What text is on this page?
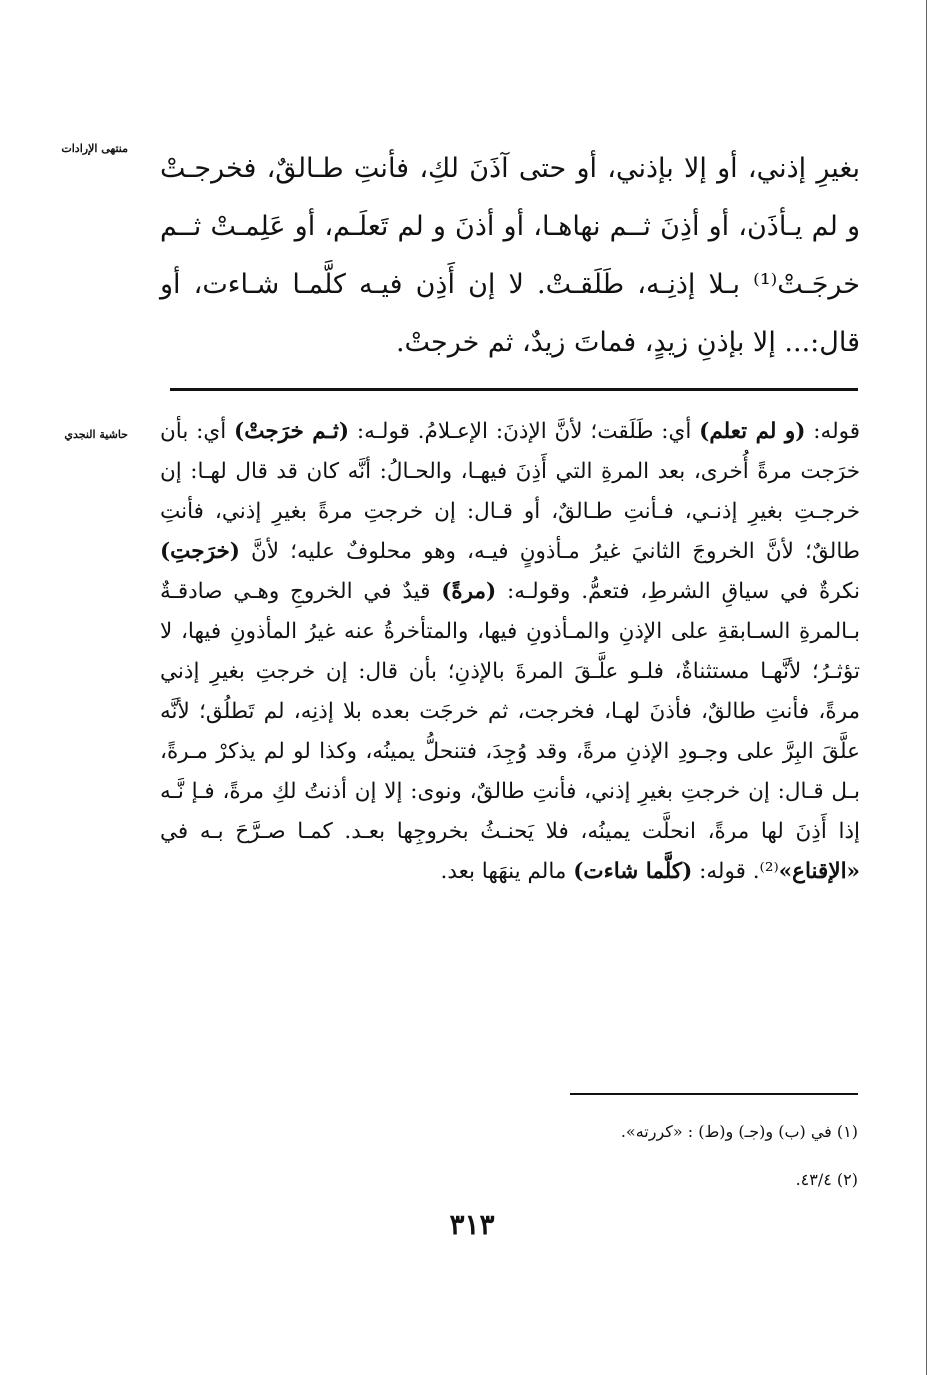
منتهى الإرادات

بغيرِ إذني، أو إلا بإذني، أو حتى آذَنَ لكِ، فأنتِ طـالقٌ، فخرجـتْ و لم يـأذَن، أو أذِنَ ثــم نهاهـا، أو أذنَ و لم تَعلَـم، أو عَلِمـتْ ثــم خرجَـتْ⁽¹⁾ بـلا إذنِـه، طَلَقـتْ. لا إن أَذِن فيـه كلَّمـا شـاءت، أو قال:... إلا بإذنِ زيدٍ، فماتَ زيدٌ، ثم خرجتْ.

حاشية النجدي	قوله: (و لم تعلم) أي: طَلَقت؛ لأنَّ الإذنَ: الإعـلامُ. قولـه: (ثـم خرَجتْ) أي: بأن خرَجت مرةً أُخرى، بعد المرةِ التي أَذِنَ فيهـا، والحـالُ: أنَّه كان قد قال لهـا: إن خرجـتِ بغيرِ إذنـي، فـأنتِ طـالقٌ، أو قـال: إن خرجتِ مرةً بغيرِ إذني، فأنتِ طالقٌ؛ لأنَّ الخروجَ الثانيَ غيرُ مـأذونٍ فيـه، وهو محلوفٌ عليه؛ لأنَّ (خرَجتِ) نكرةٌ في سياقِ الشرطِ، فتعمُّ. وقولـه: (مرةً) قيدٌ في الخروجِ وهـي صادقـةٌ بـالمرةِ السـابقةِ على الإذنِ والمـأذونِ فيها، والمتأخرةُ عنه غيرُ المأذونِ فيها، لا تؤثـرُ؛ لأنَّهـا مستثناةٌ، فلـو علَّـقَ المرةَ بالإذنِ؛ بأن قال: إن خرجتِ بغيرِ إذني مرةً، فأنتِ طالقٌ، فأذنَ لهـا، فخرجت، ثم خرجَت بعده بلا إذنِه، لم تَطلُق؛ لأنَّه علَّقَ البِرَّ على وجـودِ الإذنِ مرةً، وقد وُجِدَ، فتنحلُّ يمينُه، وكذا لو لم يذكرْ مـرةً، بـل قـال: إن خرجتِ بغيرِ إذني، فأنتِ طالقٌ، ونوى: إلا إن أذنتُ لكِ مرةً، فـإ نَّـه إذا أَذِنَ لها مرةً، انحلَّت يمينُه، فلا يَحنـثُ بخروجِها بعـد. كمـا صـرَّحَ بـه في «الإقناع»⁽²⁾. قوله: (كلَّما شاءت) مالم ينهَها بعد.

(١) في (ب) و(جـ) و(ط) : «كررته».
(٢) ٤٣/٤.
٣١٣
